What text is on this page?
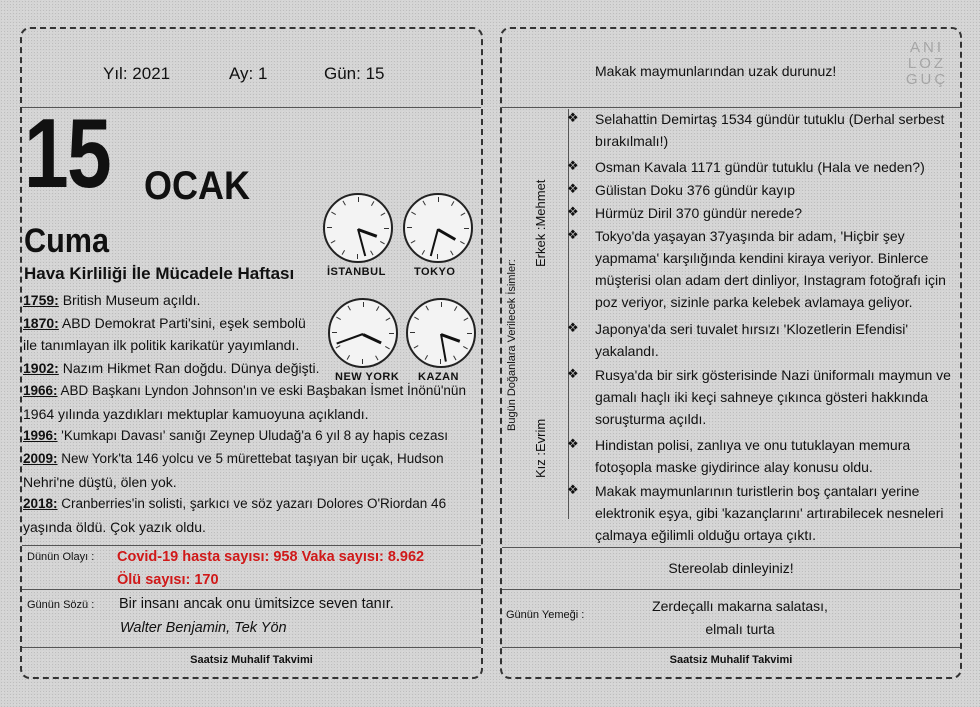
Yıl: 2021	Ay: 1	Gün: 15	Makak maymunlarından uzak durunuz!
ANI
LOZ
GUÇ
15 OCAK
Cuma
Hava Kirliliği İle Mücadele Haftası	İSTANBUL	TOKYO
NEW YORK KAZAN
1759: British Museum açıldı.
1870: ABD Demokrat Parti'sini, eşek sembolü
ile tanımlayan ilk politik karikatür yayımlandı.
1902: Nazım Hikmet Ran doğdu. Dünya değişti.
1966: ABD Başkanı Lyndon Johnson'ın ve eski Başbakan İsmet İnönü'nün
1964 yılında yazdıkları mektuplar kamuoyuna açıklandı.
1996: 'Kumkapı Davası' sanığı Zeynep Uludağ'a 6 yıl 8 ay hapis cezası
2009: New York'ta 146 yolcu ve 5 mürettebat taşıyan bir uçak, Hudson
Nehri'ne düştü, ölen yok.
2018: Cranberries'in solisti, şarkıcı ve söz yazarı Dolores O'Riordan 46
yaşında öldü. Çok yazık oldu.
Dünün Olayı : Covid-19 hasta sayısı: 958 Vaka sayısı: 8.962
Ölü sayısı: 170
Günün Sözü : Bir insanı ancak onu ümitsizce seven tanır.
Walter Benjamin, Tek Yön
Saatsiz Muhalif Takvimi	Saatsiz Muhalif Takvimi
Bugün Doğanlara Verilecek İsimler:
Erkek :Mehmet
Kız :Evrim
❖ Selahattin Demirtaş 1534 gündür tutuklu (Derhal serbest bırakılmalı!)
❖ Osman Kavala 1171 gündür tutuklu (Hala ve neden?)
❖ Gülistan Doku 376 gündür kayıp
❖ Hürmüz Diril 370 gündür nerede?
❖ Tokyo'da yaşayan 37yaşında bir adam, 'Hiçbir şey yapmama' karşılığında kendini kiraya veriyor. Binlerce müşterisi olan adam dert dinliyor, Instagram fotoğrafı için poz veriyor, sizinle parka kelebek avlamaya geliyor.
❖ Japonya'da seri tuvalet hırsızı 'Klozetlerin Efendisi' yakalandı.
❖ Rusya'da bir sirk gösterisinde Nazi üniformalı maymun ve gamalı haçlı iki keçi sahneye çıkınca gösteri hakkında soruşturma açıldı.
❖ Hindistan polisi, zanlıya ve onu tutuklayan memura fotoşopla maske giydirince alay konusu oldu.
❖ Makak maymunlarının turistlerin boş çantaları yerine elektronik eşya, gibi 'kazançlarını' artırabilecek nesneleri çalmaya eğilimli olduğu ortaya çıktı.
Stereolab dinleyiniz!
Günün Yemeği :
Zerdeçallı makarna salatası,
elmalı turta
